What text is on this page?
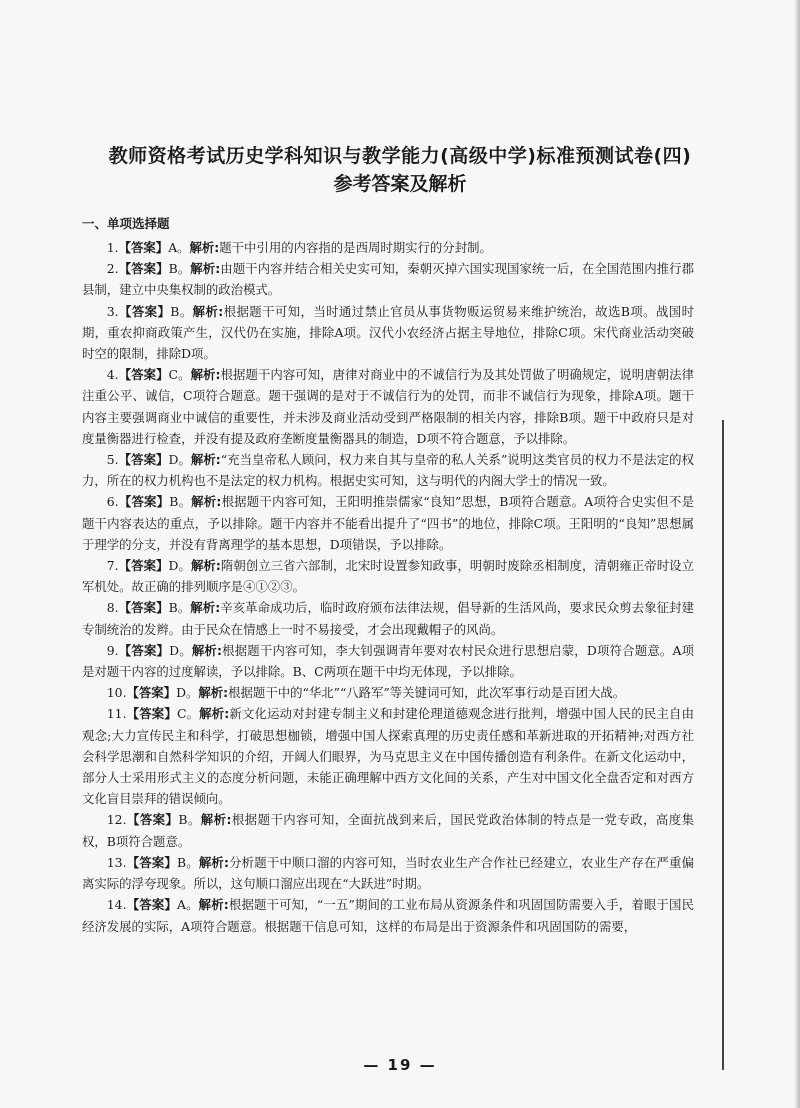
教师资格考试历史学科知识与教学能力(高级中学)标准预测试卷(四)
参考答案及解析
一、单项选择题

1.【答案】A。解析:题干中引用的内容指的是西周时期实行的分封制。

2.【答案】B。解析:由题干内容并结合相关史实可知，秦朝灭掉六国实现国家统一后，在全国范围内推行郡县制，建立中央集权制的政治模式。

3.【答案】B。解析:根据题干可知，当时通过禁止官员从事货物贩运贸易来维护统治，故选B项。战国时期，重农抑商政策产生，汉代仍在实施，排除A项。汉代小农经济占据主导地位，排除C项。宋代商业活动突破时空的限制，排除D项。

4.【答案】C。解析:根据题干内容可知，唐律对商业中的不诚信行为及其处罚做了明确规定，说明唐朝法律注重公平、诚信，C项符合题意。题干强调的是对于不诚信行为的处罚，而非不诚信行为现象，排除A项。题干内容主要强调商业中诚信的重要性，并未涉及商业活动受到严格限制的相关内容，排除B项。题干中政府只是对度量衡器进行检查，并没有提及政府垄断度量衡器具的制造，D项不符合题意，予以排除。

5.【答案】D。解析:“充当皇帝私人顾问，权力来自其与皇帝的私人关系”说明这类官员的权力不是法定的权力，所在的权力机构也不是法定的权力机构。根据史实可知，这与明代的内阁大学士的情况一致。

6.【答案】B。解析:根据题干内容可知，王阳明推崇儒家“良知”思想，B项符合题意。A项符合史实但不是题干内容表达的重点，予以排除。题干内容并不能看出提升了“四书”的地位，排除C项。王阳明的“良知”思想属于理学的分支，并没有背离理学的基本思想，D项错误，予以排除。

7.【答案】D。解析:隋朝创立三省六部制，北宋时设置参知政事，明朝时废除丞相制度，清朝雍正帝时设立军机处。故正确的排列顺序是④①②③。

8.【答案】B。解析:辛亥革命成功后，临时政府颁布法律法规，倡导新的生活风尚，要求民众剪去象征封建专制统治的发辫。由于民众在情感上一时不易接受，才会出现戴帽子的风尚。

9.【答案】D。解析:根据题干内容可知，李大钊强调青年要对农村民众进行思想启蒙，D项符合题意。A项是对题干内容的过度解读，予以排除。B、C两项在题干中均无体现，予以排除。

10.【答案】D。解析:根据题干中的“华北”“八路军”等关键词可知，此次军事行动是百团大战。

11.【答案】C。解析:新文化运动对封建专制主义和封建伦理道德观念进行批判，增强中国人民的民主自由观念;大力宣传民主和科学，打破思想枷锁，增强中国人探索真理的历史责任感和革新进取的开拓精神;对西方社会科学思潮和自然科学知识的介绍，开阔人们眼界，为马克思主义在中国传播创造有利条件。在新文化运动中，部分人士采用形式主义的态度分析问题，未能正确理解中西方文化间的关系，产生对中国文化全盘否定和对西方文化盲目崇拜的错误倾向。

12.【答案】B。解析:根据题干内容可知，全面抗战到来后，国民党政治体制的特点是一党专政，高度集权，B项符合题意。

13.【答案】B。解析:分析题干中顺口溜的内容可知，当时农业生产合作社已经建立，农业生产存在严重偏离实际的浮夸现象。所以，这句顺口溜应出现在“大跃进”时期。

14.【答案】A。解析:根据题干可知，“一五”期间的工业布局从资源条件和巩固国防需要入手，着眼于国民经济发展的实际，A项符合题意。根据题干信息可知，这样的布局是出于资源条件和巩固国防的需要，

— 19 —
